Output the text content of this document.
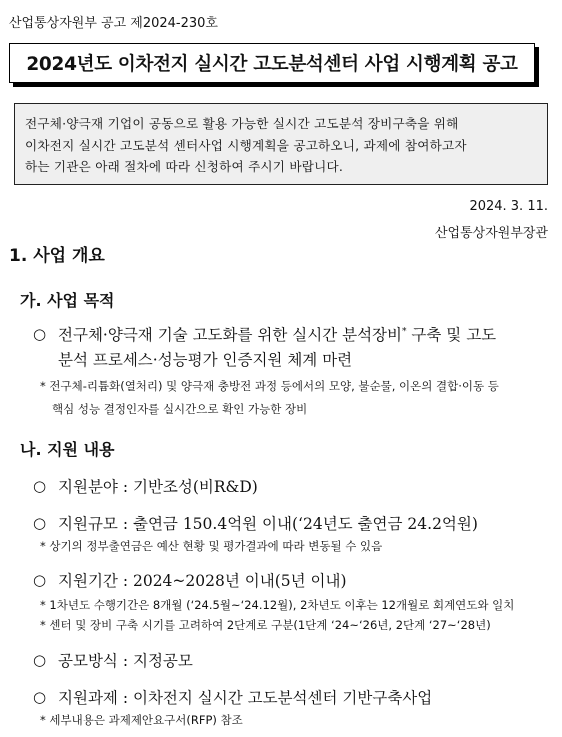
산업통상자원부 공고 제2024-230호
2024년도 이차전지 실시간 고도분석센터 사업 시행계획 공고
전구체·양극재 기업이 공동으로 활용 가능한 실시간 고도분석 장비구축을 위해
이차전지 실시간 고도분석 센터사업 시행계획을 공고하오니, 과제에 참여하고자
하는 기관은 아래 절차에 따라 신청하여 주시기 바랍니다.
2024. 3. 11.
산업통상자원부장관
1. 사업 개요
가. 사업 목적
○ 전구체·양극재 기술 고도화를 위한 실시간 분석장비* 구축 및 고도
분석 프로세스·성능평가 인증지원 체계 마련
* 전구체-리튬화(열처리) 및 양극재 충방전 과정 등에서의 모양, 불순물, 이온의 결합·이동 등
핵심 성능 결정인자를 실시간으로 확인 가능한 장비
나. 지원 내용
○ 지원분야 : 기반조성(비R&D)
○ 지원규모 : 출연금 150.4억원 이내(‘24년도 출연금 24.2억원)
* 상기의 정부출연금은 예산 현황 및 평가결과에 따라 변동될 수 있음
○ 지원기간 : 2024~2028년 이내(5년 이내)
* 1차년도 수행기간은 8개월 (‘24.5월~‘24.12월), 2차년도 이후는 12개월로 회계연도와 일치
* 센터 및 장비 구축 시기를 고려하여 2단계로 구분(1단계 ‘24~‘26년, 2단계 ‘27~‘28년)
○ 공모방식 : 지정공모
○ 지원과제 : 이차전지 실시간 고도분석센터 기반구축사업
* 세부내용은 과제제안요구서(RFP) 참조
